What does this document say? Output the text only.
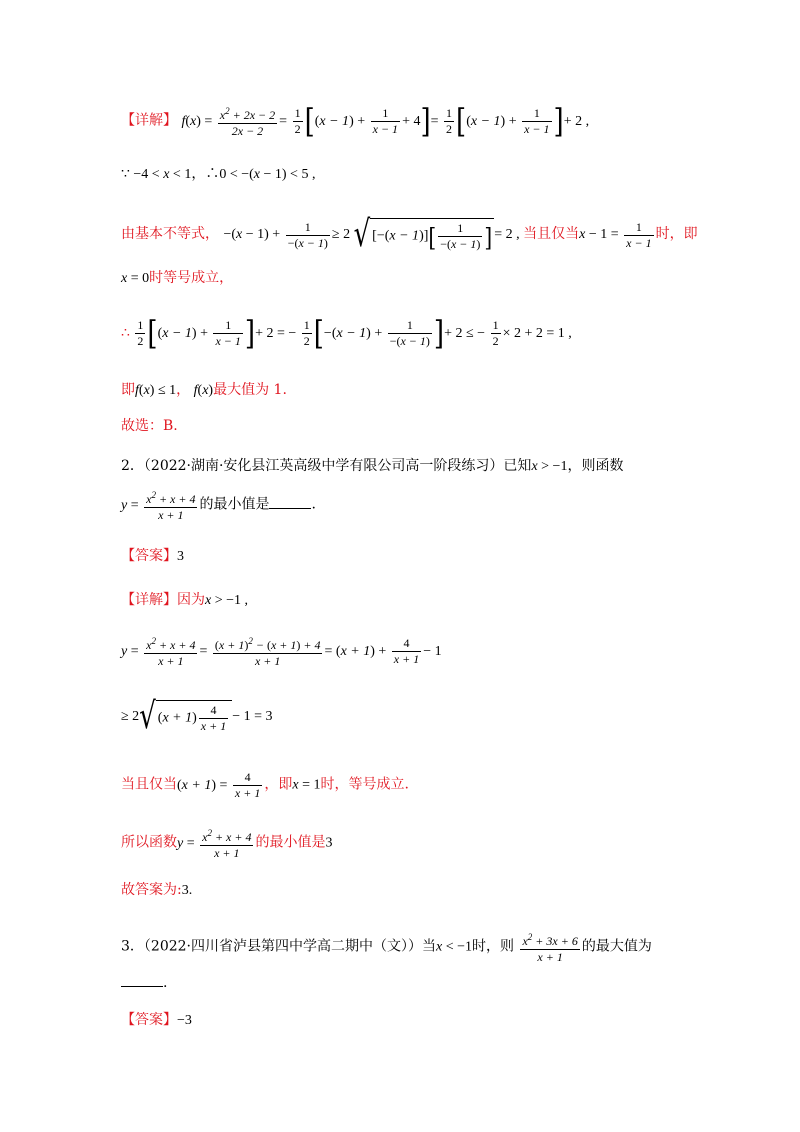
【详解】 $f(x) = \frac{x^2 + 2x - 2}{2x - 2} = \frac{1}{2} [(x - 1) + \frac{1}{x - 1} + 4]= \frac{1}{2} [(x - 1) + \frac{1}{x - 1}$ ]+ 2 ,
∵ −4 < x < 1，∴0 < −(x − 1) < 5 ,
由基本不等式， $-(x - 1) + \frac{1}{-(x - 1)} \ge 2$ √ $[-(x - 1)][ \frac{1}{-(x - 1)}$ ] = 2 , 当且仅当$x - 1 = \frac{1}{x - 1}$ 时，即
x = 0时等号成立，
∴ $\frac{1}{2} [(x - 1) + \frac{1}{x - 1}$ ]+ 2 = − $\frac{1}{2} [-(x - 1) + \frac{1}{-(x - 1)}$ ]+ 2 ≤ − $\frac{1}{2} \times 2 + 2 = 1$ ,
即f(x) ≤ 1， f(x)最大值为 1.
故选：B.
2．（2022·湖南·安化县江英高级中学有限公司高一阶段练习）已知x > −1，则函数
$y = \frac{x^2 + x + 4}{x + 1}$ 的最小值是	.
【答案】3
【详解】因为x > −1 ,
$y = \frac{x^2 + x + 4}{x + 1} = \frac{(x + 1)^2 - (x + 1) + 4}{x + 1} = (x + 1) + \frac{4}{x + 1} - 1$
≥ 2√ $(x + 1) \frac{4}{x + 1} - 1 = 3$
当且仅当$(x + 1) = \frac{4}{x + 1}$ ，即x = 1时，等号成立.
所以函数$y = \frac{x^2 + x + 4}{x + 1}$ 的最小值是3
故答案为:3.
3．（2022·四川省泸县第四中学高二期中（文））当x < −1时，则 $\frac{x^2 + 3x + 6}{x + 1}$ 的最大值为
.
【答案】−3
